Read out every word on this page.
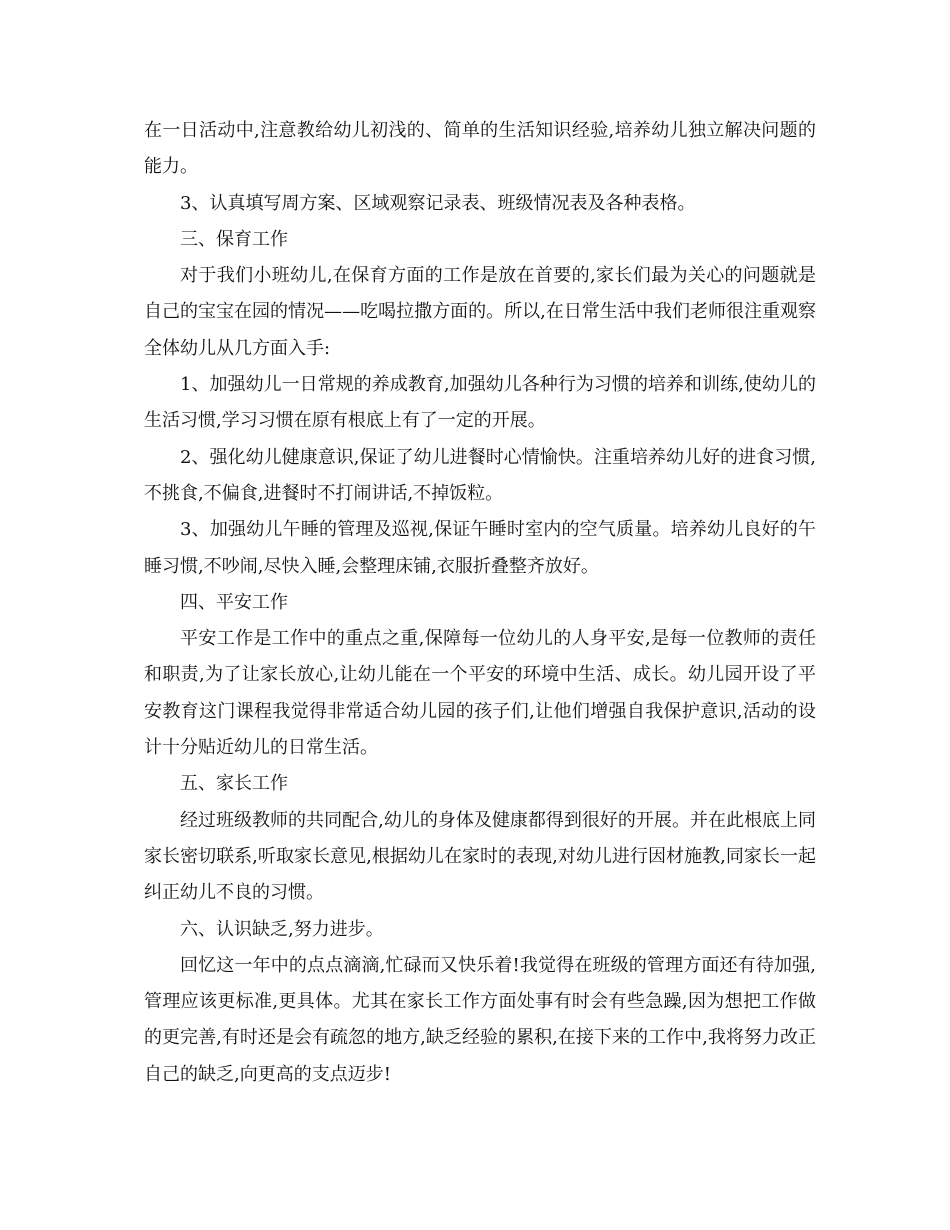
在一日活动中,注意教给幼儿初浅的、简单的生活知识经验,培养幼儿独立解决问题的能力。

3、认真填写周方案、区域观察记录表、班级情况表及各种表格。

三、保育工作

对于我们小班幼儿,在保育方面的工作是放在首要的,家长们最为关心的问题就是自己的宝宝在园的情况——吃喝拉撒方面的。所以,在日常生活中我们老师很注重观察全体幼儿从几方面入手:

1、加强幼儿一日常规的养成教育,加强幼儿各种行为习惯的培养和训练,使幼儿的生活习惯,学习习惯在原有根底上有了一定的开展。

2、强化幼儿健康意识,保证了幼儿进餐时心情愉快。注重培养幼儿好的进食习惯,不挑食,不偏食,进餐时不打闹讲话,不掉饭粒。

3、加强幼儿午睡的管理及巡视,保证午睡时室内的空气质量。培养幼儿良好的午睡习惯,不吵闹,尽快入睡,会整理床铺,衣服折叠整齐放好。

四、平安工作

平安工作是工作中的重点之重,保障每一位幼儿的人身平安,是每一位教师的责任和职责,为了让家长放心,让幼儿能在一个平安的环境中生活、成长。幼儿园开设了平安教育这门课程我觉得非常适合幼儿园的孩子们,让他们增强自我保护意识,活动的设计十分贴近幼儿的日常生活。

五、家长工作

经过班级教师的共同配合,幼儿的身体及健康都得到很好的开展。并在此根底上同家长密切联系,听取家长意见,根据幼儿在家时的表现,对幼儿进行因材施教,同家长一起纠正幼儿不良的习惯。

六、认识缺乏,努力进步。

回忆这一年中的点点滴滴,忙碌而又快乐着!我觉得在班级的管理方面还有待加强,管理应该更标准,更具体。尤其在家长工作方面处事有时会有些急躁,因为想把工作做的更完善,有时还是会有疏忽的地方,缺乏经验的累积,在接下来的工作中,我将努力改正自己的缺乏,向更高的支点迈步!
